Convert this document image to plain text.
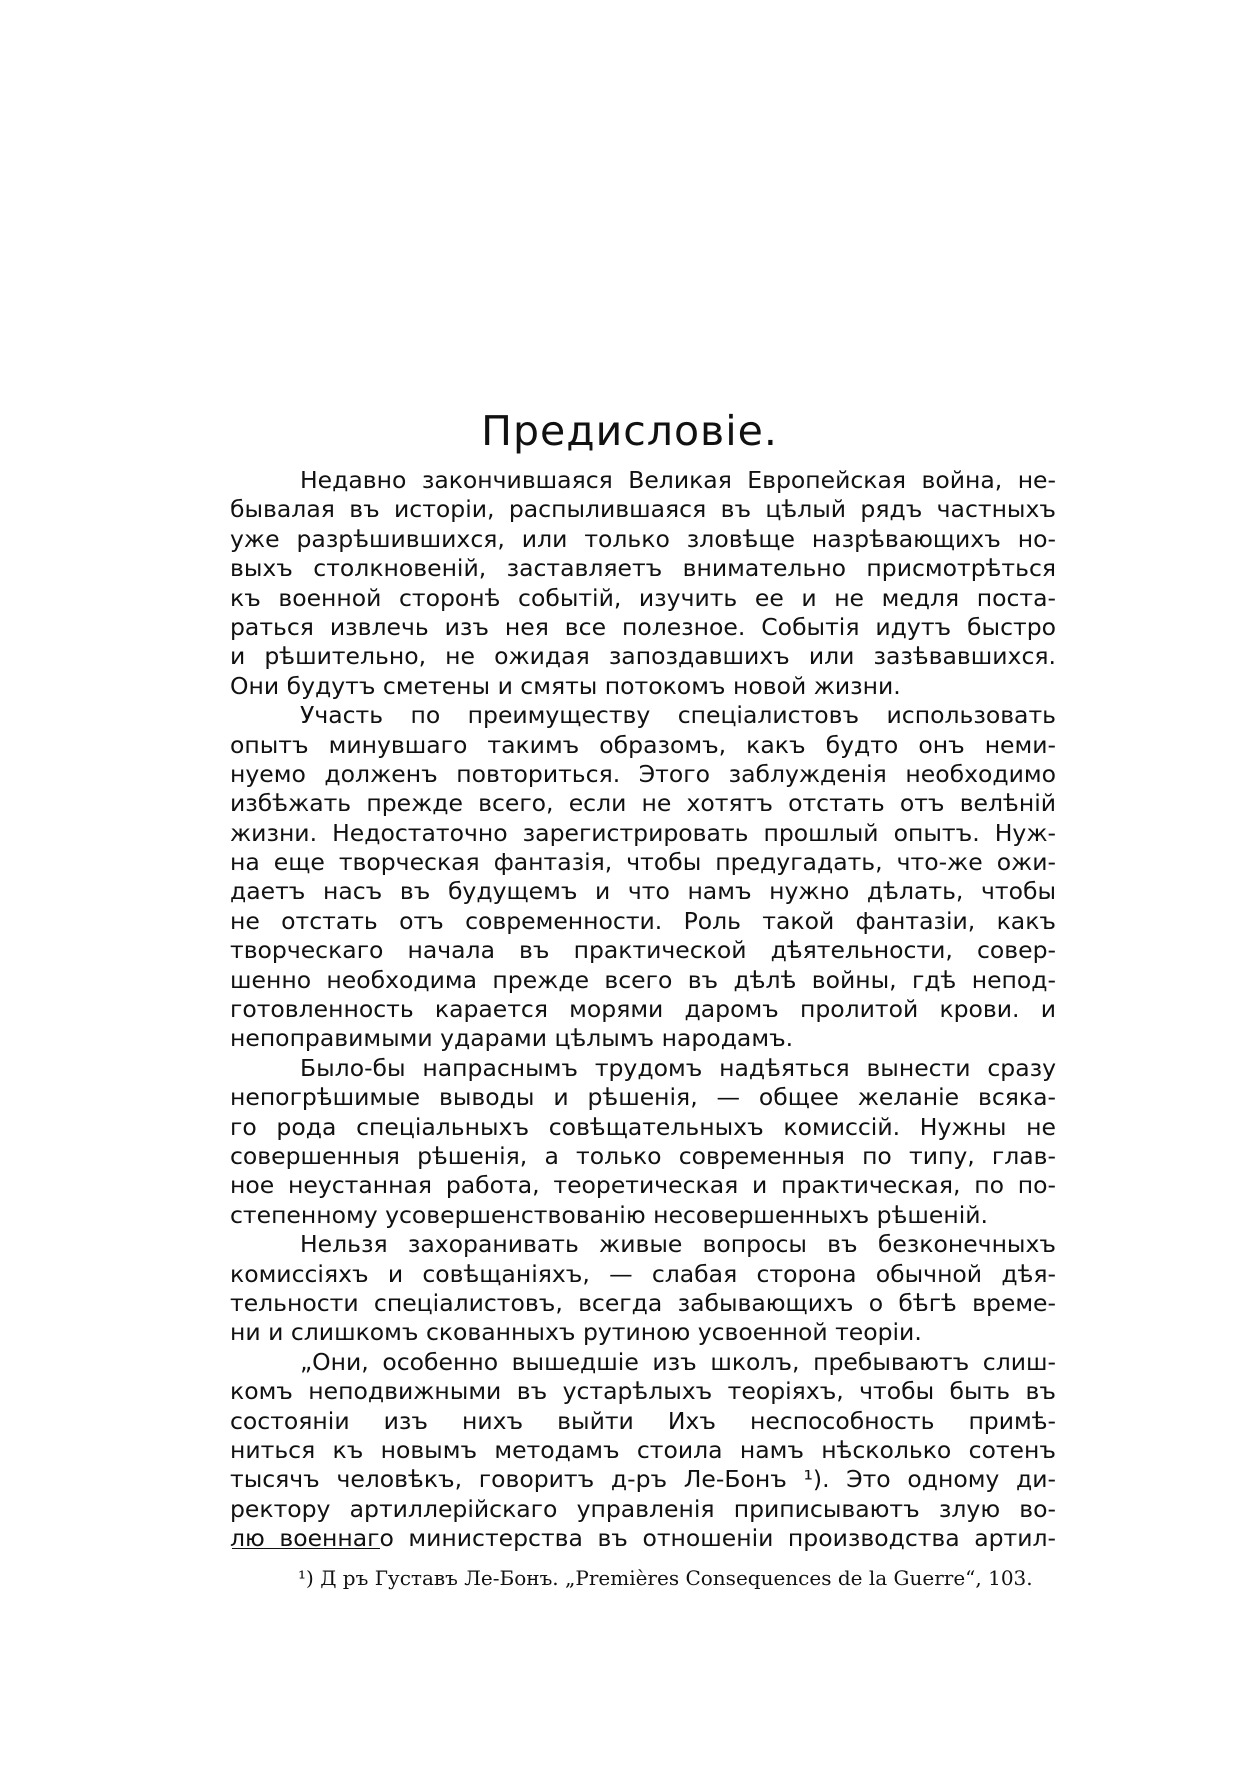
Предисловіе.
Недавно закончившаяся Великая Европейская война, не-
бывалая въ исторіи, распылившаяся въ цѣлый рядъ частныхъ
уже разрѣшившихся, или только зловѣще назрѣвающихъ но-
выхъ столкновеній, заставляетъ внимательно присмотрѣться
къ военной сторонѣ событій, изучить ее и не медля поста-
раться извлечь изъ нея все полезное. Событія идутъ быстро
и рѣшительно, не ожидая запоздавшихъ или зазѣвавшихся.
Они будутъ сметены и смяты потокомъ новой жизни.
Участь по преимуществу спеціалистовъ использовать
опытъ минувшаго такимъ образомъ, какъ будто онъ неми-
нуемо долженъ повториться. Этого заблужденія необходимо
избѣжать прежде всего, если не хотятъ отстать отъ велѣній
жизни. Недостаточно зарегистрировать прошлый опытъ. Нуж-
на еще творческая фантазія, чтобы предугадать, что-же ожи-
даетъ насъ въ будущемъ и что намъ нужно дѣлать, чтобы
не отстать отъ современности. Роль такой фантазіи, какъ
творческаго начала въ практической дѣятельности, совер-
шенно необходима прежде всего въ дѣлѣ войны, гдѣ непод-
готовленность карается морями даромъ пролитой крови. и
непоправимыми ударами цѣлымъ народамъ.
Было-бы напраснымъ трудомъ надѣяться вынести сразу
непогрѣшимые выводы и рѣшенія, — общее желаніе всяка-
го рода спеціальныхъ совѣщательныхъ комиссій. Нужны не
совершенныя рѣшенія, а только современныя по типу, глав-
ное неустанная работа, теоретическая и практическая, по по-
степенному усовершенствованію несовершенныхъ рѣшеній.
Нельзя захоранивать живые вопросы въ безконечныхъ
комиссіяхъ и совѣщаніяхъ, — слабая сторона обычной дѣя-
тельности спеціалистовъ, всегда забывающихъ о бѣгѣ време-
ни и слишкомъ скованныхъ рутиною усвоенной теоріи.
„Они, особенно вышедшіе изъ школъ, пребываютъ слиш-
комъ неподвижными въ устарѣлыхъ теоріяхъ, чтобы быть въ
состояніи изъ нихъ выйти Ихъ неспособность примѣ-
ниться къ новымъ методамъ стоила намъ нѣсколько сотенъ
тысячъ человѣкъ, говоритъ д-ръ Ле-Бонъ ¹). Это одному ди-
ректору артиллерійскаго управленія приписываютъ злую во-
лю военнаго министерства въ отношеніи производства артил-
¹) Д ръ Густавъ Ле-Бонъ. „Premières Consequences de la Guerre“, 103.
